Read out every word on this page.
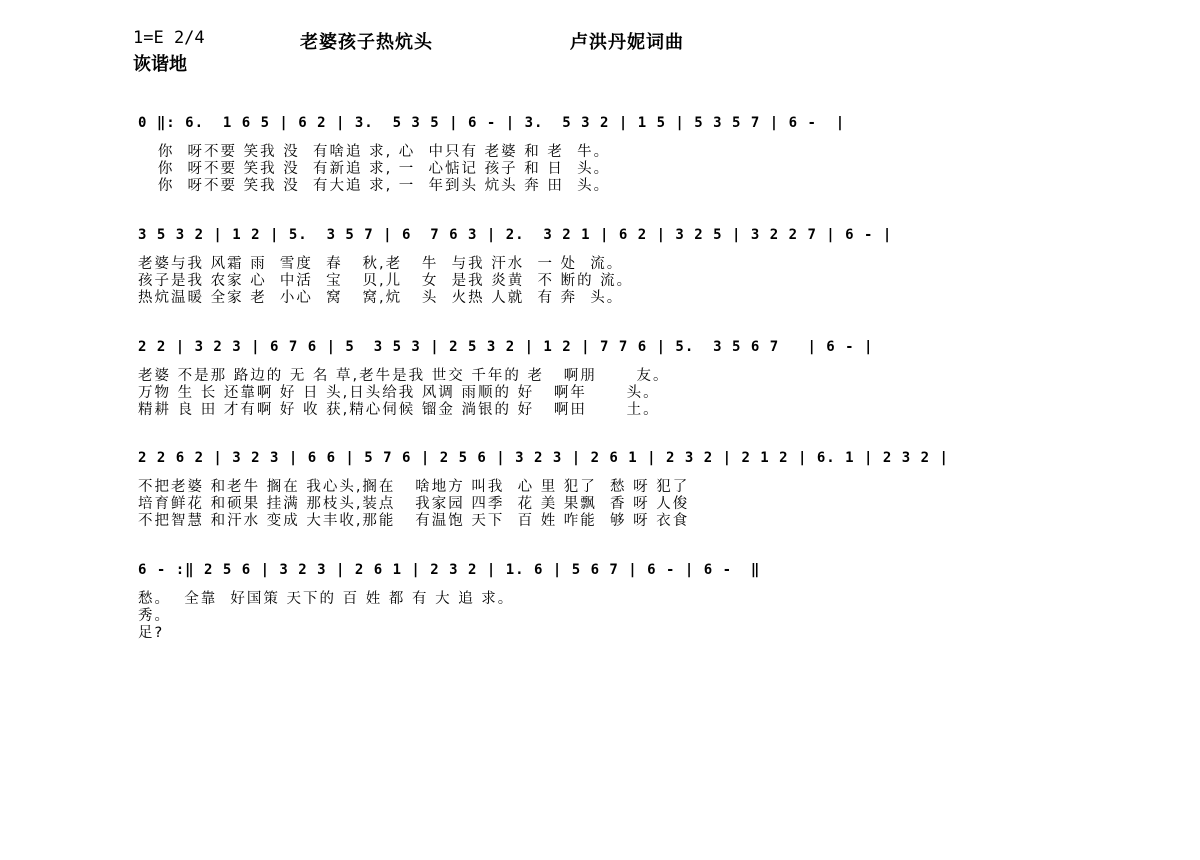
1=E 2/4	老婆孩子热炕头	卢洪丹妮词曲
诙谐地
0 ‖: 6.  1 6 5 | 6 2 | 3.  5 3 5 | 6 - | 3.  5 3 2 | 1 5 | 5 3 5 7 | 6 -  |
你  呀不要 笑我 没  有啥追 求, 心  中只有 老婆 和 老  牛。
你  呀不要 笑我 没  有新追 求, 一  心惦记 孩子 和 日  头。
你  呀不要 笑我 没  有大追 求, 一  年到头 炕头 奔 田  头。
3 5 3 2 | 1 2 | 5.  3 5 7 | 6  7 6 3 | 2.  3 2 1 | 6 2 | 3 2 5 | 3 2 2 7 | 6 - |
老婆与我 风霜 雨  雪度  春   秋,老   牛  与我 汗水  一 处  流。
孩子是我 农家 心  中活  宝   贝,儿   女  是我 炎黄  不 断的 流。
热炕温暖 全家 老  小心  窝   窝,炕   头  火热 人就  有 奔  头。
2 2 | 3 2 3 | 6 7 6 | 5  3 5 3 | 2 5 3 2 | 1 2 | 7 7 6 | 5.  3 5 6 7   | 6 - |
老婆 不是那 路边的 无 名 草,老牛是我 世交 千年的 老   啊朋      友。
万物 生 长 还靠啊 好 日 头,日头给我 风调 雨顺的 好   啊年      头。
精耕 良 田 才有啊 好 收 获,精心伺候 镏金 淌银的 好   啊田      土。
2 2 6 2 | 3 2 3 | 6 6 | 5 7 6 | 2 5 6 | 3 2 3 | 2 6 1 | 2 3 2 | 2 1 2 | 6. 1 | 2 3 2 |
不把老婆 和老牛 搁在 我心头,搁在   啥地方 叫我  心 里 犯了  愁 呀 犯了
培育鲜花 和硕果 挂满 那枝头,装点   我家园 四季  花 美 果飘  香 呀 人俊
不把智慧 和汗水 变成 大丰收,那能   有温饱 天下  百 姓 咋能  够 呀 衣食
6 - :‖ 2 5 6 | 3 2 3 | 2 6 1 | 2 3 2 | 1. 6 | 5 6 7 | 6 - | 6 -  ‖
愁。  全靠  好国策 天下的 百 姓 都 有 大 追 求。
秀。
足?
